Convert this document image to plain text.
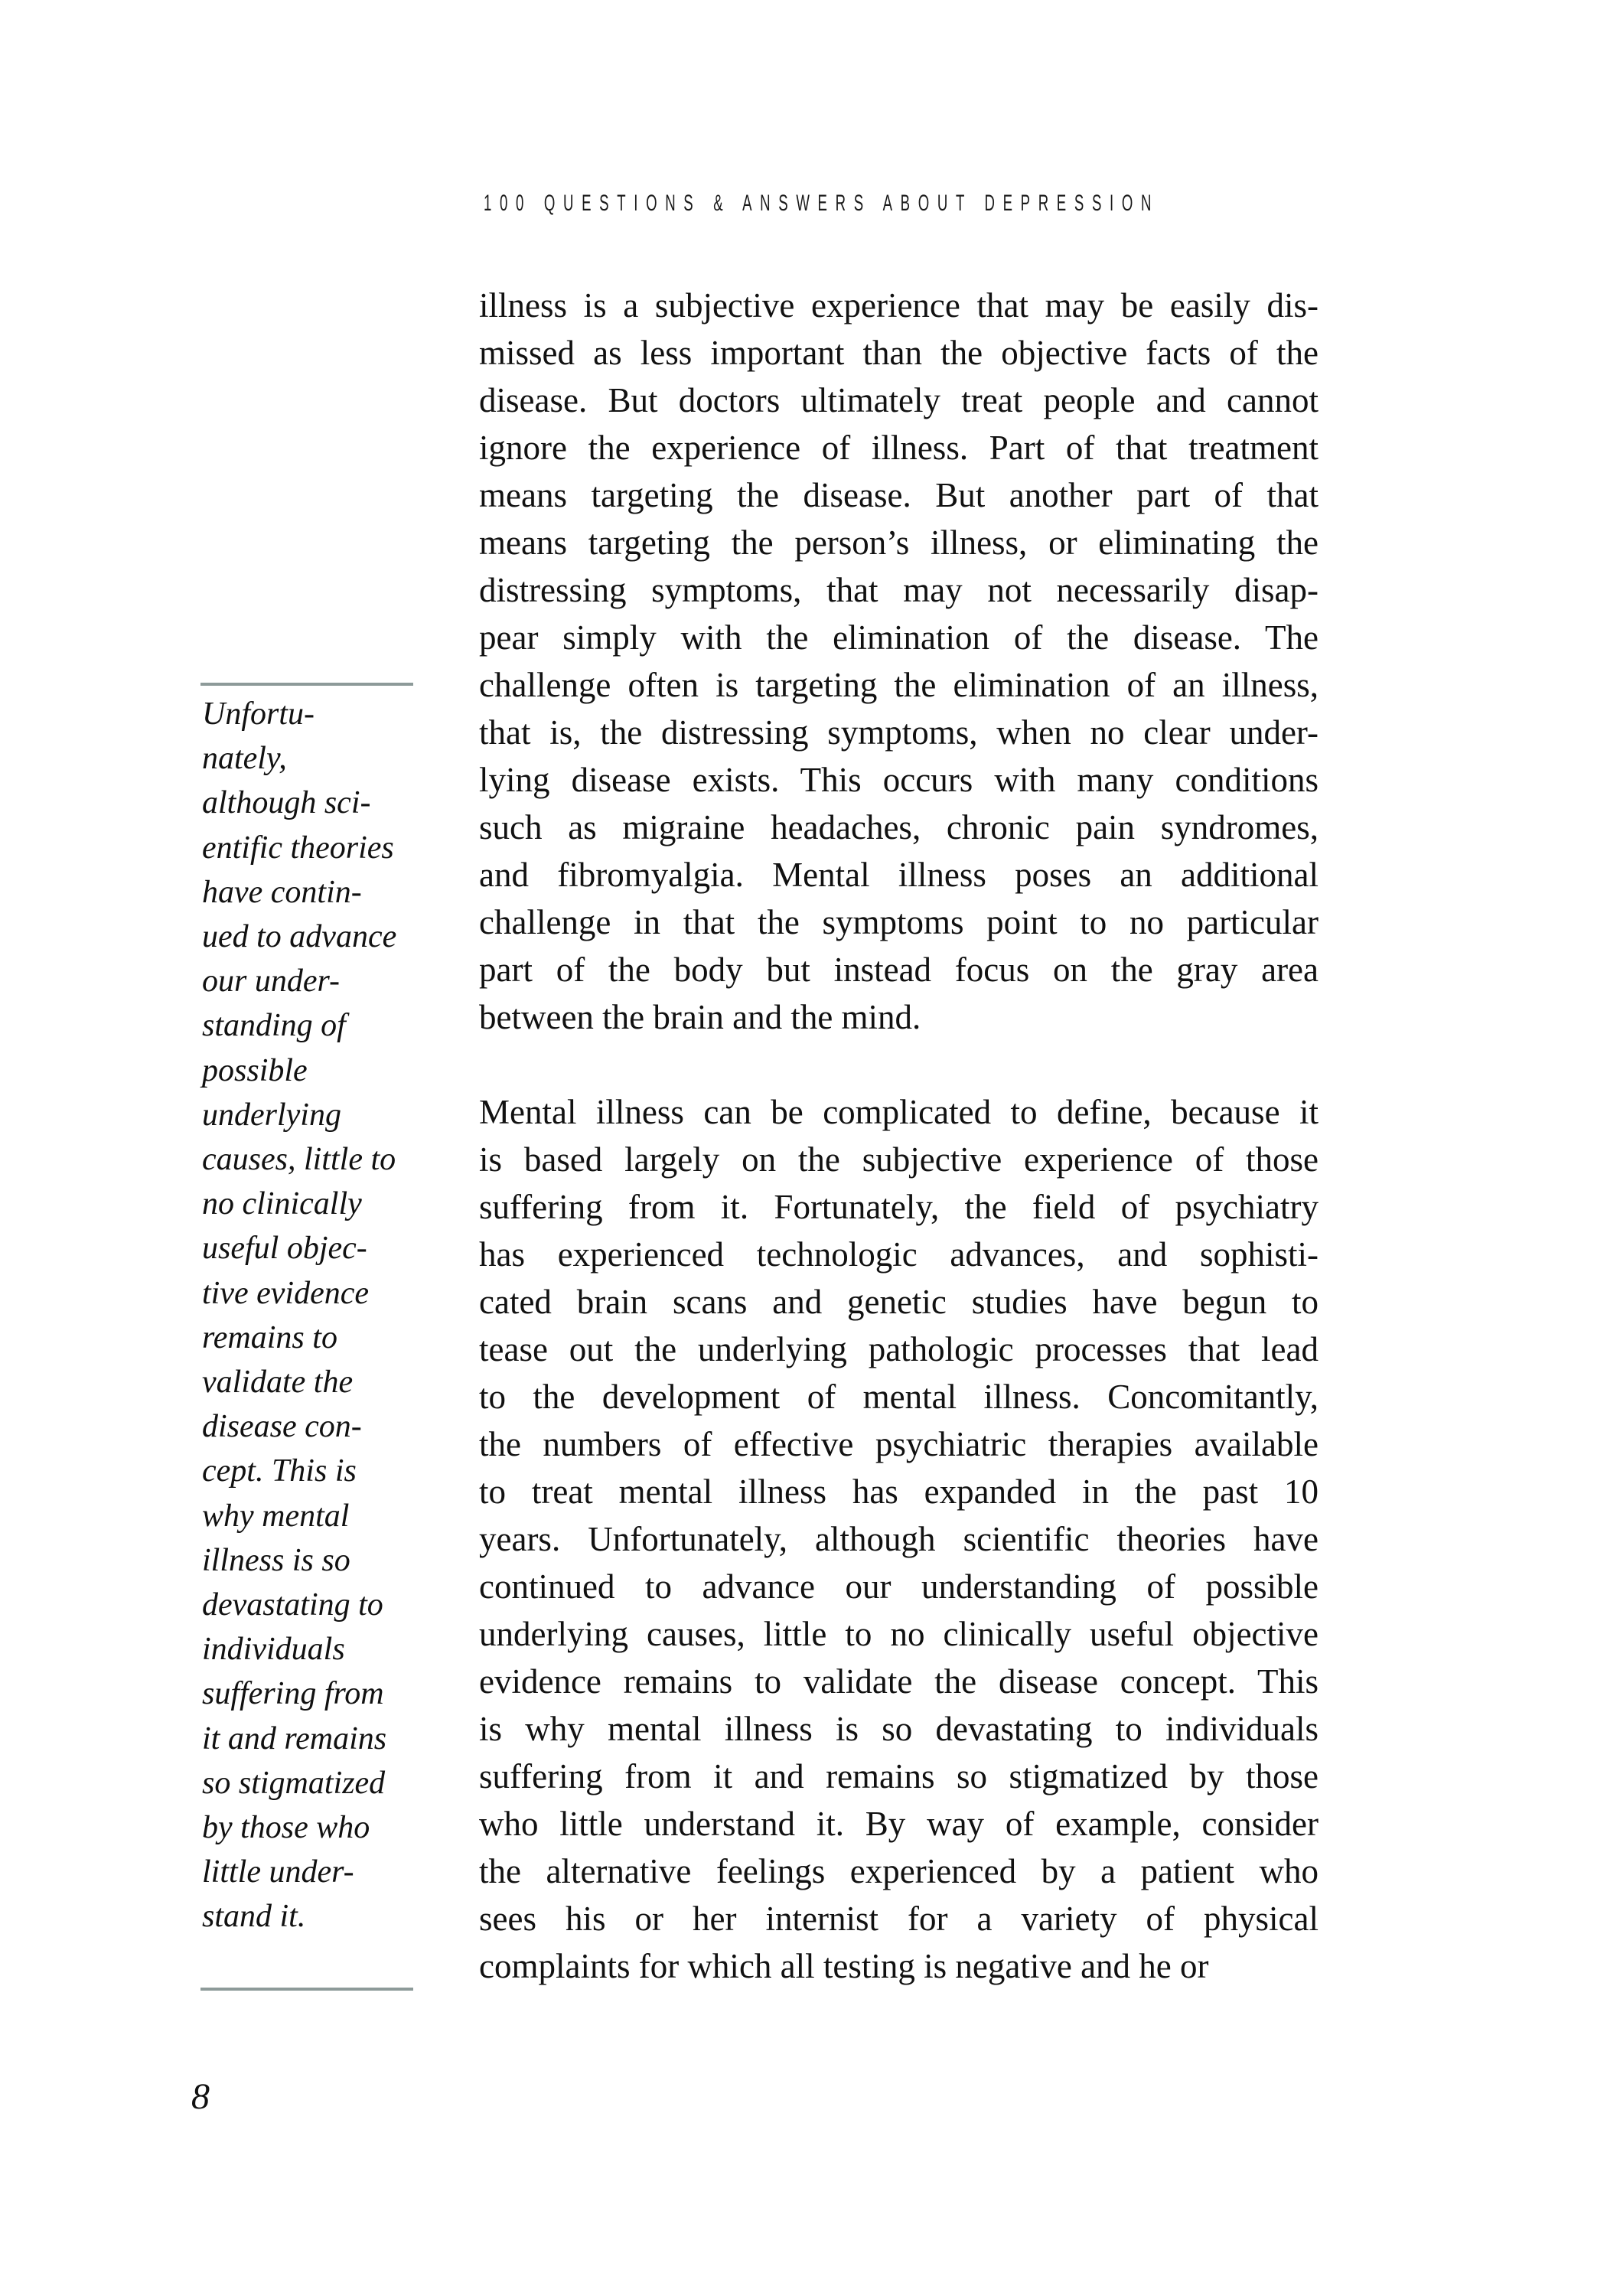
100 QUESTIONS & ANSWERS ABOUT DEPRESSION
Unfortu-
nately,
although sci-
entific theories
have contin-
ued to advance
our under-
standing of
possible
underlying
causes, little to
no clinically
useful objec-
tive evidence
remains to
validate the
disease con-
cept. This is
why mental
illness is so
devastating to
individuals
suffering from
it and remains
so stigmatized
by those who
little under-
stand it.
illness is a subjective experience that may be easily dis-
missed as less important than the objective facts of the
disease. But doctors ultimately treat people and cannot
ignore the experience of illness. Part of that treatment
means targeting the disease. But another part of that
means targeting the person’s illness, or eliminating the
distressing symptoms, that may not necessarily disap-
pear simply with the elimination of the disease. The
challenge often is targeting the elimination of an illness,
that is, the distressing symptoms, when no clear under-
lying disease exists. This occurs with many conditions
such as migraine headaches, chronic pain syndromes,
and fibromyalgia. Mental illness poses an additional
challenge in that the symptoms point to no particular
part of the body but instead focus on the gray area
between the brain and the mind.
Mental illness can be complicated to define, because it
is based largely on the subjective experience of those
suffering from it. Fortunately, the field of psychiatry
has experienced technologic advances, and sophisti-
cated brain scans and genetic studies have begun to
tease out the underlying pathologic processes that lead
to the development of mental illness. Concomitantly,
the numbers of effective psychiatric therapies available
to treat mental illness has expanded in the past 10
years. Unfortunately, although scientific theories have
continued to advance our understanding of possible
underlying causes, little to no clinically useful objective
evidence remains to validate the disease concept. This
is why mental illness is so devastating to individuals
suffering from it and remains so stigmatized by those
who little understand it. By way of example, consider
the alternative feelings experienced by a patient who
sees his or her internist for a variety of physical
complaints for which all testing is negative and he or
8
